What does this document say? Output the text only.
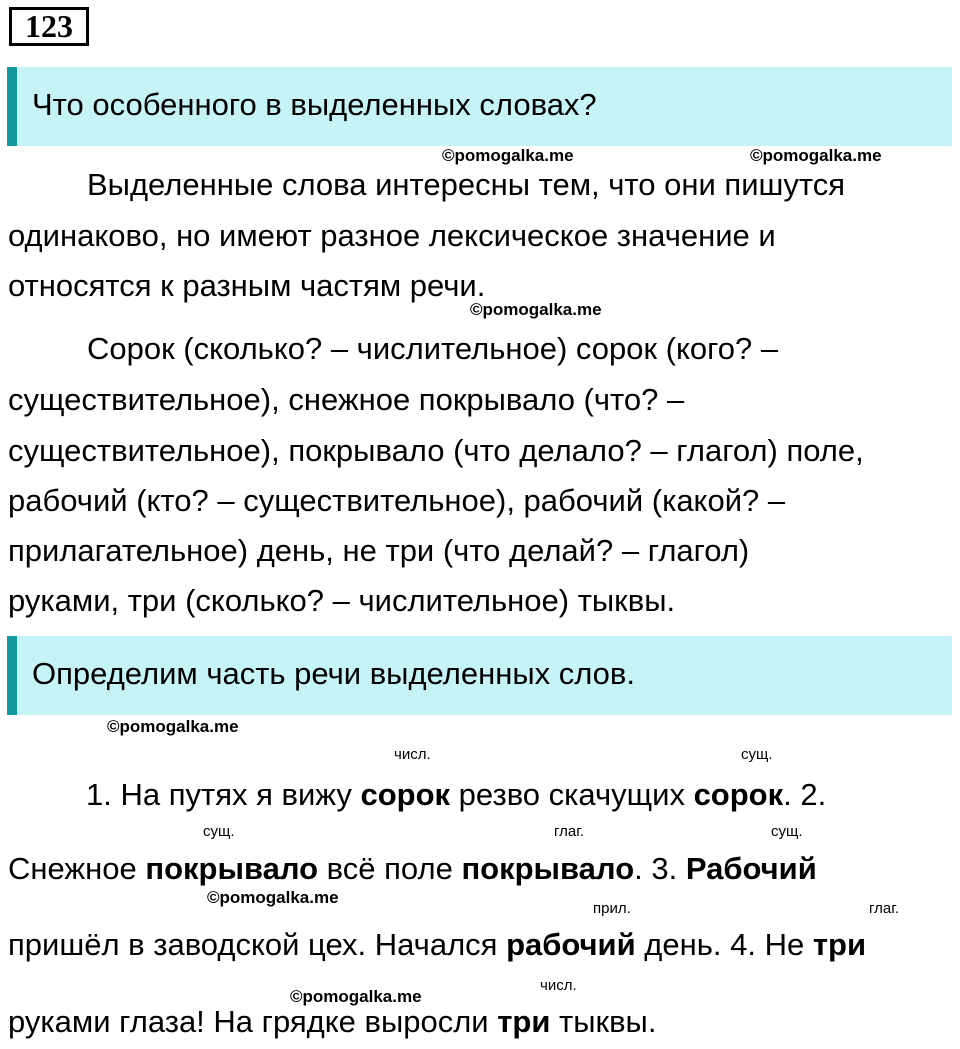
123
Что особенного в выделенных словах?
©pomogalka.me	©pomogalka.me
Выделенные слова интересны тем, что они пишутся
одинаково, но имеют разное лексическое значение и
относятся к разным частям речи.
©pomogalka.me
Сорок (сколько? – числительное) сорок (кого? –
существительное), снежное покрывало (что? –
существительное), покрывало (что делало? – глагол) поле,
рабочий (кто? – существительное), рабочий (какой? –
прилагательное) день, не три (что делай? – глагол)
руками, три (сколько? – числительное) тыквы.
Определим часть речи выделенных слов.
©pomogalka.me
числ.	сущ.
1. На путях я вижу сорок резво скачущих сорок. 2.
сущ.	глаг.	сущ.
Снежное покрывало всё поле покрывало. 3. Рабочий
©pomogalka.me
прил.	глаг.
пришёл в заводской цех. Начался рабочий день. 4. Не три
числ.
©pomogalka.me
руками глаза! На грядке выросли три тыквы.
